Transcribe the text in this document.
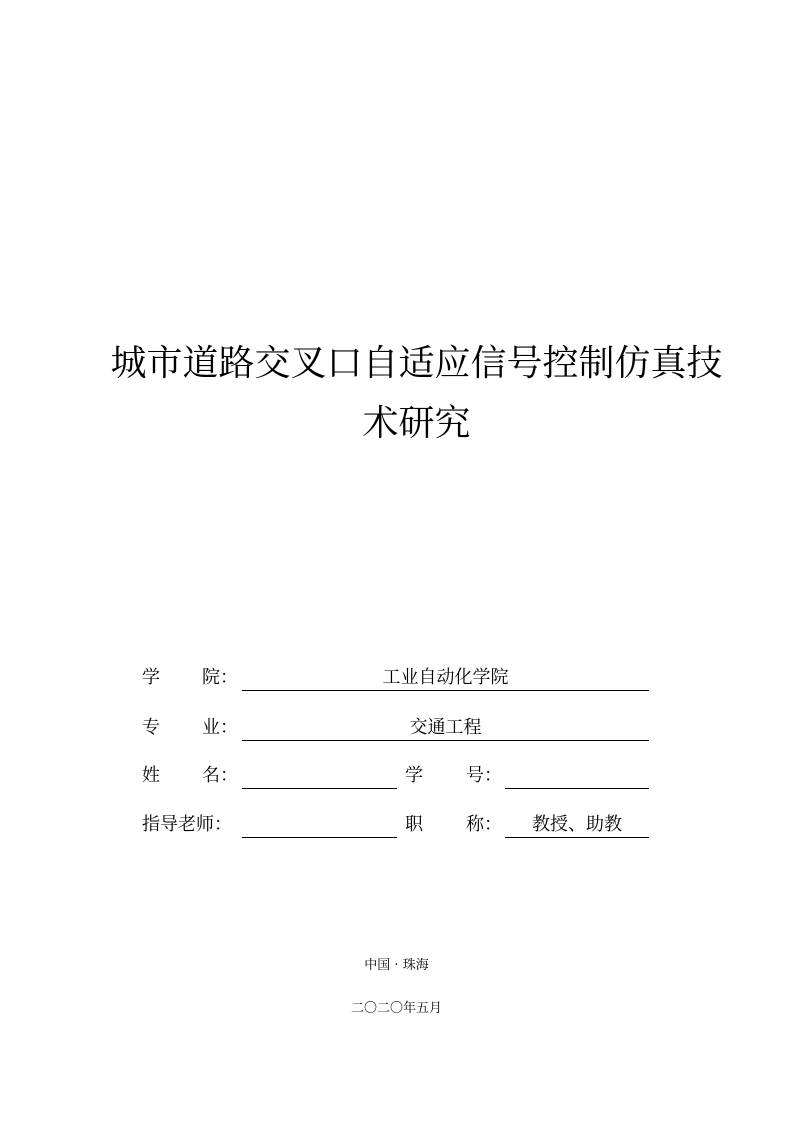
城市道路交叉口自适应信号控制仿真技
术研究
学 院：	工业自动化学院
专 业：	交通工程
姓 名：	学 号：
指导老师：	职 称：	教授、助教
中国 · 珠海
二〇二〇年五月
